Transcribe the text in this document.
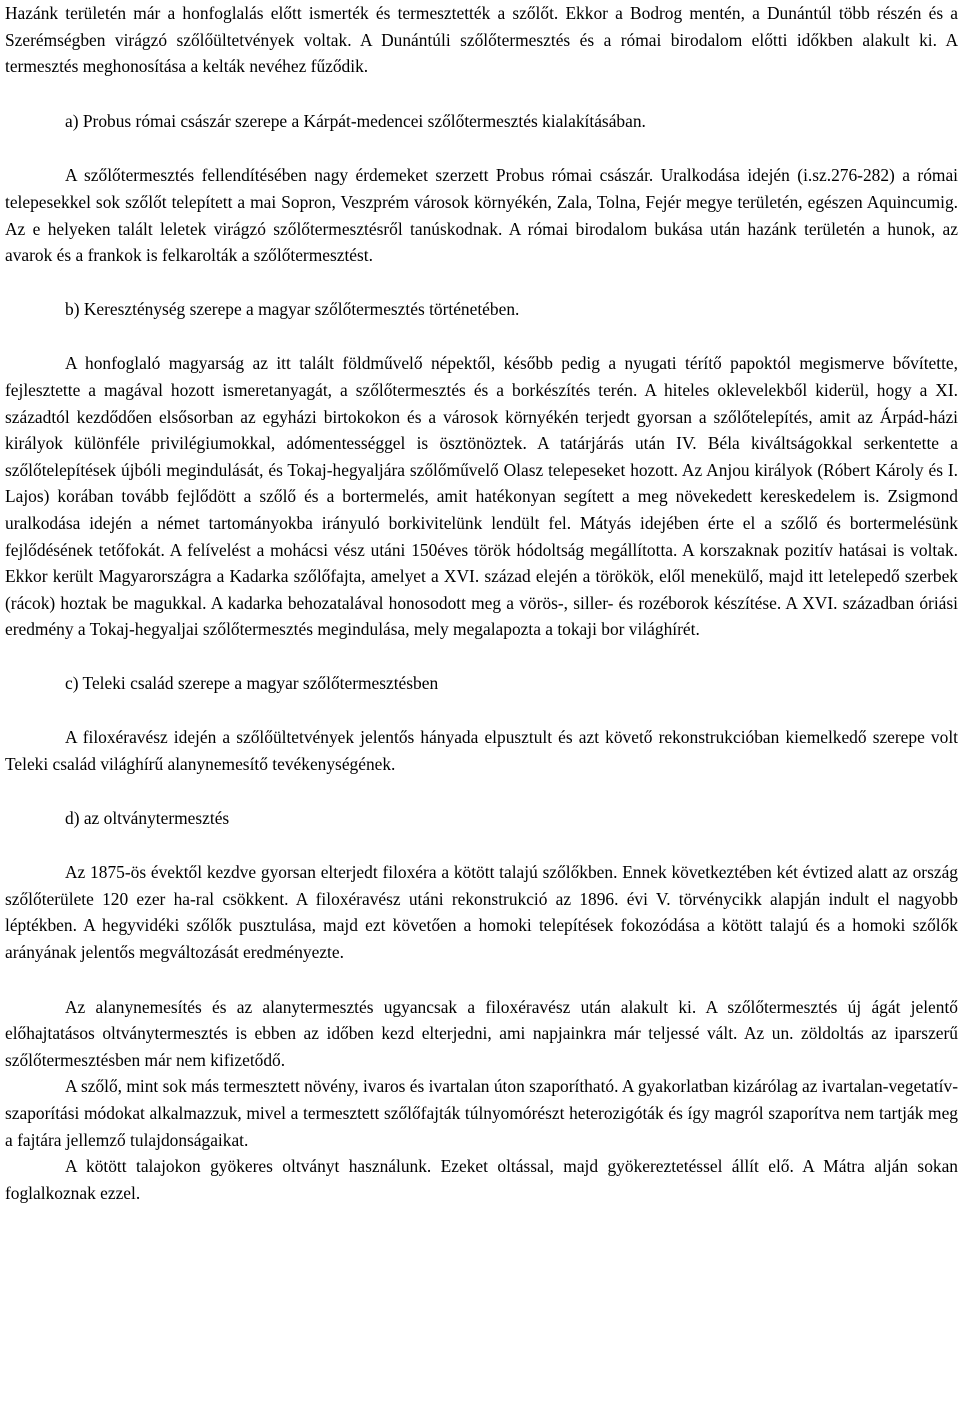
Hazánk területén már a honfoglalás előtt ismerték és termesztették a szőlőt. Ekkor a Bodrog mentén, a Dunántúl több részén és a Szerémségben virágzó szőlőültetvények voltak. A Dunántúli szőlőtermesztés és a római birodalom előtti időkben alakult ki. A termesztés meghonosítása a kelták nevéhez fűződik.

a) Probus római császár szerepe a Kárpát-medencei szőlőtermesztés kialakításában.

A szőlőtermesztés fellendítésében nagy érdemeket szerzett Probus római császár. Uralkodása idején (i.sz.276-282) a római telepesekkel sok szőlőt telepített a mai Sopron, Veszprém városok környékén, Zala, Tolna, Fejér megye területén, egészen Aquincumig. Az e helyeken talált leletek virágzó szőlőtermesztésről tanúskodnak. A római birodalom bukása után hazánk területén a hunok, az avarok és a frankok is felkarolták a szőlőtermesztést.

b) Kereszténység szerepe a magyar szőlőtermesztés történetében.

A honfoglaló magyarság az itt talált földművelő népektől, később pedig a nyugati térítő papoktól megismerve bővítette, fejlesztette a magával hozott ismeretanyagát, a szőlőtermesztés és a borkészítés terén. A hiteles oklevelekből kiderül, hogy a XI. századtól kezdődően elsősorban az egyházi birtokokon és a városok környékén terjedt gyorsan a szőlőtelepítés, amit az Árpád-házi királyok különféle privilégiumokkal, adómentességgel is ösztönöztek. A tatárjárás után IV. Béla kiváltságokkal serkentette a szőlőtelepítések újbóli megindulását, és Tokaj-hegyaljára szőlőművelő Olasz telepeseket hozott. Az Anjou királyok (Róbert Károly és I. Lajos) korában tovább fejlődött a szőlő és a bortermelés, amit hatékonyan segített a meg növekedett kereskedelem is. Zsigmond uralkodása idején a német tartományokba irányuló borkivitelünk lendült fel. Mátyás idejében érte el a szőlő és bortermelésünk fejlődésének tetőfokát. A felívelést a mohácsi vész utáni 150éves török hódoltság megállította. A korszaknak pozitív hatásai is voltak. Ekkor került Magyarországra a Kadarka szőlőfajta, amelyet a XVI. század elején a törökök, elől menekülő, majd itt letelepedő szerbek (rácok) hoztak be magukkal. A kadarka behozatalával honosodott meg a vörös-, siller- és rozéborok készítése. A XVI. században óriási eredmény a Tokaj-hegyaljai szőlőtermesztés megindulása, mely megalapozta a tokaji bor világhírét.

c) Teleki család szerepe a magyar szőlőtermesztésben

A filoxéravész idején a szőlőültetvények jelentős hányada elpusztult és azt követő rekonstrukcióban kiemelkedő szerepe volt Teleki család világhírű alanynemesítő tevékenységének.

d) az oltványtermesztés

Az 1875-ös évektől kezdve gyorsan elterjedt filoxéra a kötött talajú szőlőkben. Ennek következtében két évtized alatt az ország szőlőterülete 120 ezer ha-ral csökkent. A filoxéravész utáni rekonstrukció az 1896. évi V. törvénycikk alapján indult el nagyobb léptékben. A hegyvidéki szőlők pusztulása, majd ezt követően a homoki telepítések fokozódása a kötött talajú és a homoki szőlők arányának jelentős megváltozását eredményezte.

Az alanynemesítés és az alanytermesztés ugyancsak a filoxéravész után alakult ki. A szőlőtermesztés új ágát jelentő előhajtatásos oltványtermesztés is ebben az időben kezd elterjedni, ami napjainkra már teljessé vált. Az un. zöldoltás az iparszerű szőlőtermesztésben már nem kifizetődő.

A szőlő, mint sok más termesztett növény, ivaros és ivartalan úton szaporítható. A gyakorlatban kizárólag az ivartalan-vegetatív-szaporítási módokat alkalmazzuk, mivel a termesztett szőlőfajták túlnyomórészt heterozigóták és így magról szaporítva nem tartják meg a fajtára jellemző tulajdonságaikat.

A kötött talajokon gyökeres oltványt használunk. Ezeket oltással, majd gyökereztetéssel állít elő. A Mátra alján sokan foglalkoznak ezzel.
